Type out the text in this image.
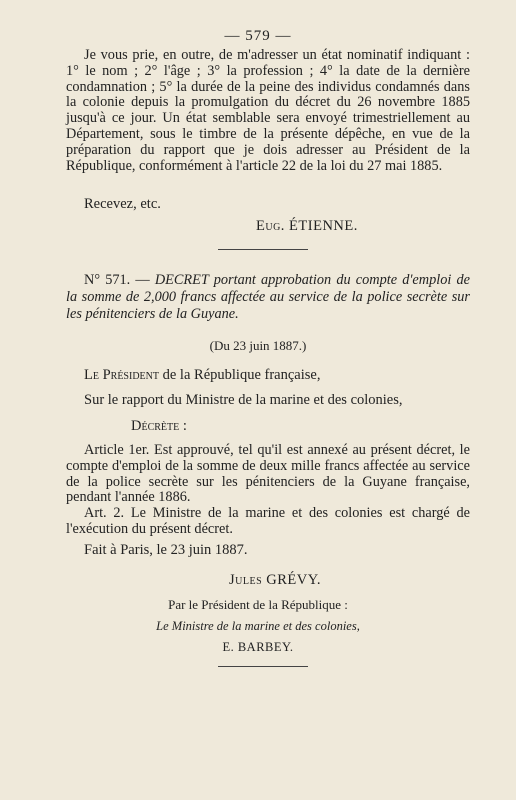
— 579 —

Je vous prie, en outre, de m'adresser un état nominatif indiquant : 1° le nom ; 2° l'âge ; 3° la profession ; 4° la date de la dernière condamnation ; 5° la durée de la peine des individus condamnés dans la colonie depuis la promulgation du décret du 26 novembre 1885 jusqu'à ce jour. Un état semblable sera envoyé trimestriellement au Département, sous le timbre de la présente dépêche, en vue de la préparation du rapport que je dois adresser au Président de la République, conformément à l'article 22 de la loi du 27 mai 1885.

Recevez, etc.
Eug. ÉTIENNE.

N° 571. — DECRET portant approbation du compte d'emploi de la somme de 2,000 francs affectée au service de la police secrète sur les pénitenciers de la Guyane.

(Du 23 juin 1887.)
Le Président de la République française,
Sur le rapport du Ministre de la marine et des colonies,
Décrète :

Article 1er. Est approuvé, tel qu'il est annexé au présent décret, le compte d'emploi de la somme de deux mille francs affectée au service de la police secrète sur les pénitenciers de la Guyane française, pendant l'année 1886.

Art. 2. Le Ministre de la marine et des colonies est chargé de l'exécution du présent décret.

Fait à Paris, le 23 juin 1887.
Jules GRÉVY.
Par le Président de la République :
Le Ministre de la marine et des colonies,
E. BARBEY.
